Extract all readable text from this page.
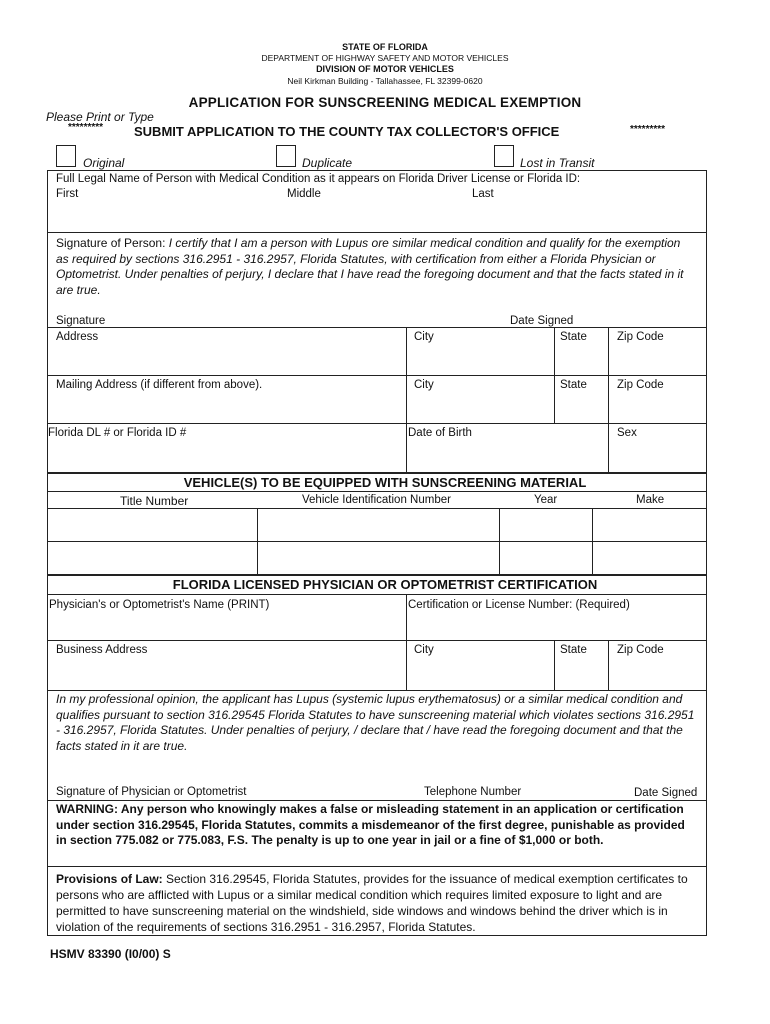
STATE OF FLORIDA
DEPARTMENT OF HIGHWAY SAFETY AND MOTOR VEHICLES
DIVISION OF MOTOR VEHICLES
Neil Kirkman Building - Tallahassee, FL 32399-0620
APPLICATION FOR SUNSCREENING MEDICAL EXEMPTION
Please Print or Type
********* SUBMIT APPLICATION TO THE COUNTY TAX COLLECTOR'S OFFICE	*********
Original	Duplicate	Lost in Transit
Full Legal Name of Person with Medical Condition as it appears on Florida Driver License or Florida ID:
First	Middle	Last
Signature of Person: I certify that I am a person with Lupus ore similar medical condition and qualify for the exemption as required by sections 316.2951 - 316.2957, Florida Statutes, with certification from either a Florida Physician or Optometrist. Under penalties of perjury, I declare that I have read the foregoing document and that the facts stated in it are true.
Signature	Date Signed
Address	City	State	Zip Code
Mailing Address (if different from above).	City	State	Zip Code
Florida DL # or Florida ID #	Date of Birth	Sex
VEHICLE(S) TO BE EQUIPPED WITH SUNSCREENING MATERIAL
Title Number	Vehicle Identification Number	Year	Make
FLORIDA LICENSED PHYSICIAN OR OPTOMETRIST CERTIFICATION
Physician's or Optometrist's Name (PRINT)	Certification or License Number: (Required)
Business Address	City	State	Zip Code
In my professional opinion, the applicant has Lupus (systemic lupus erythematosus) or a similar medical condition and qualifies pursuant to section 316.29545 Florida Statutes to have sunscreening material which violates sections 316.2951 - 316.2957, Florida Statutes. Under penalties of perjury, / declare that / have read the foregoing document and that the facts stated in it are true.
Signature of Physician or Optometrist	Telephone Number	Date Signed
WARNING: Any person who knowingly makes a false or misleading statement in an application or certification under section 316.29545, Florida Statutes, commits a misdemeanor of the first degree, punishable as provided in section 775.082 or 775.083, F.S. The penalty is up to one year in jail or a fine of $1,000 or both.
Provisions of Law: Section 316.29545, Florida Statutes, provides for the issuance of medical exemption certificates to persons who are afflicted with Lupus or a similar medical condition which requires limited exposure to light and are permitted to have sunscreening material on the windshield, side windows and windows behind the driver which is in violation of the requirements of sections 316.2951 - 316.2957, Florida Statutes.
HSMV 83390 (I0/00) S
